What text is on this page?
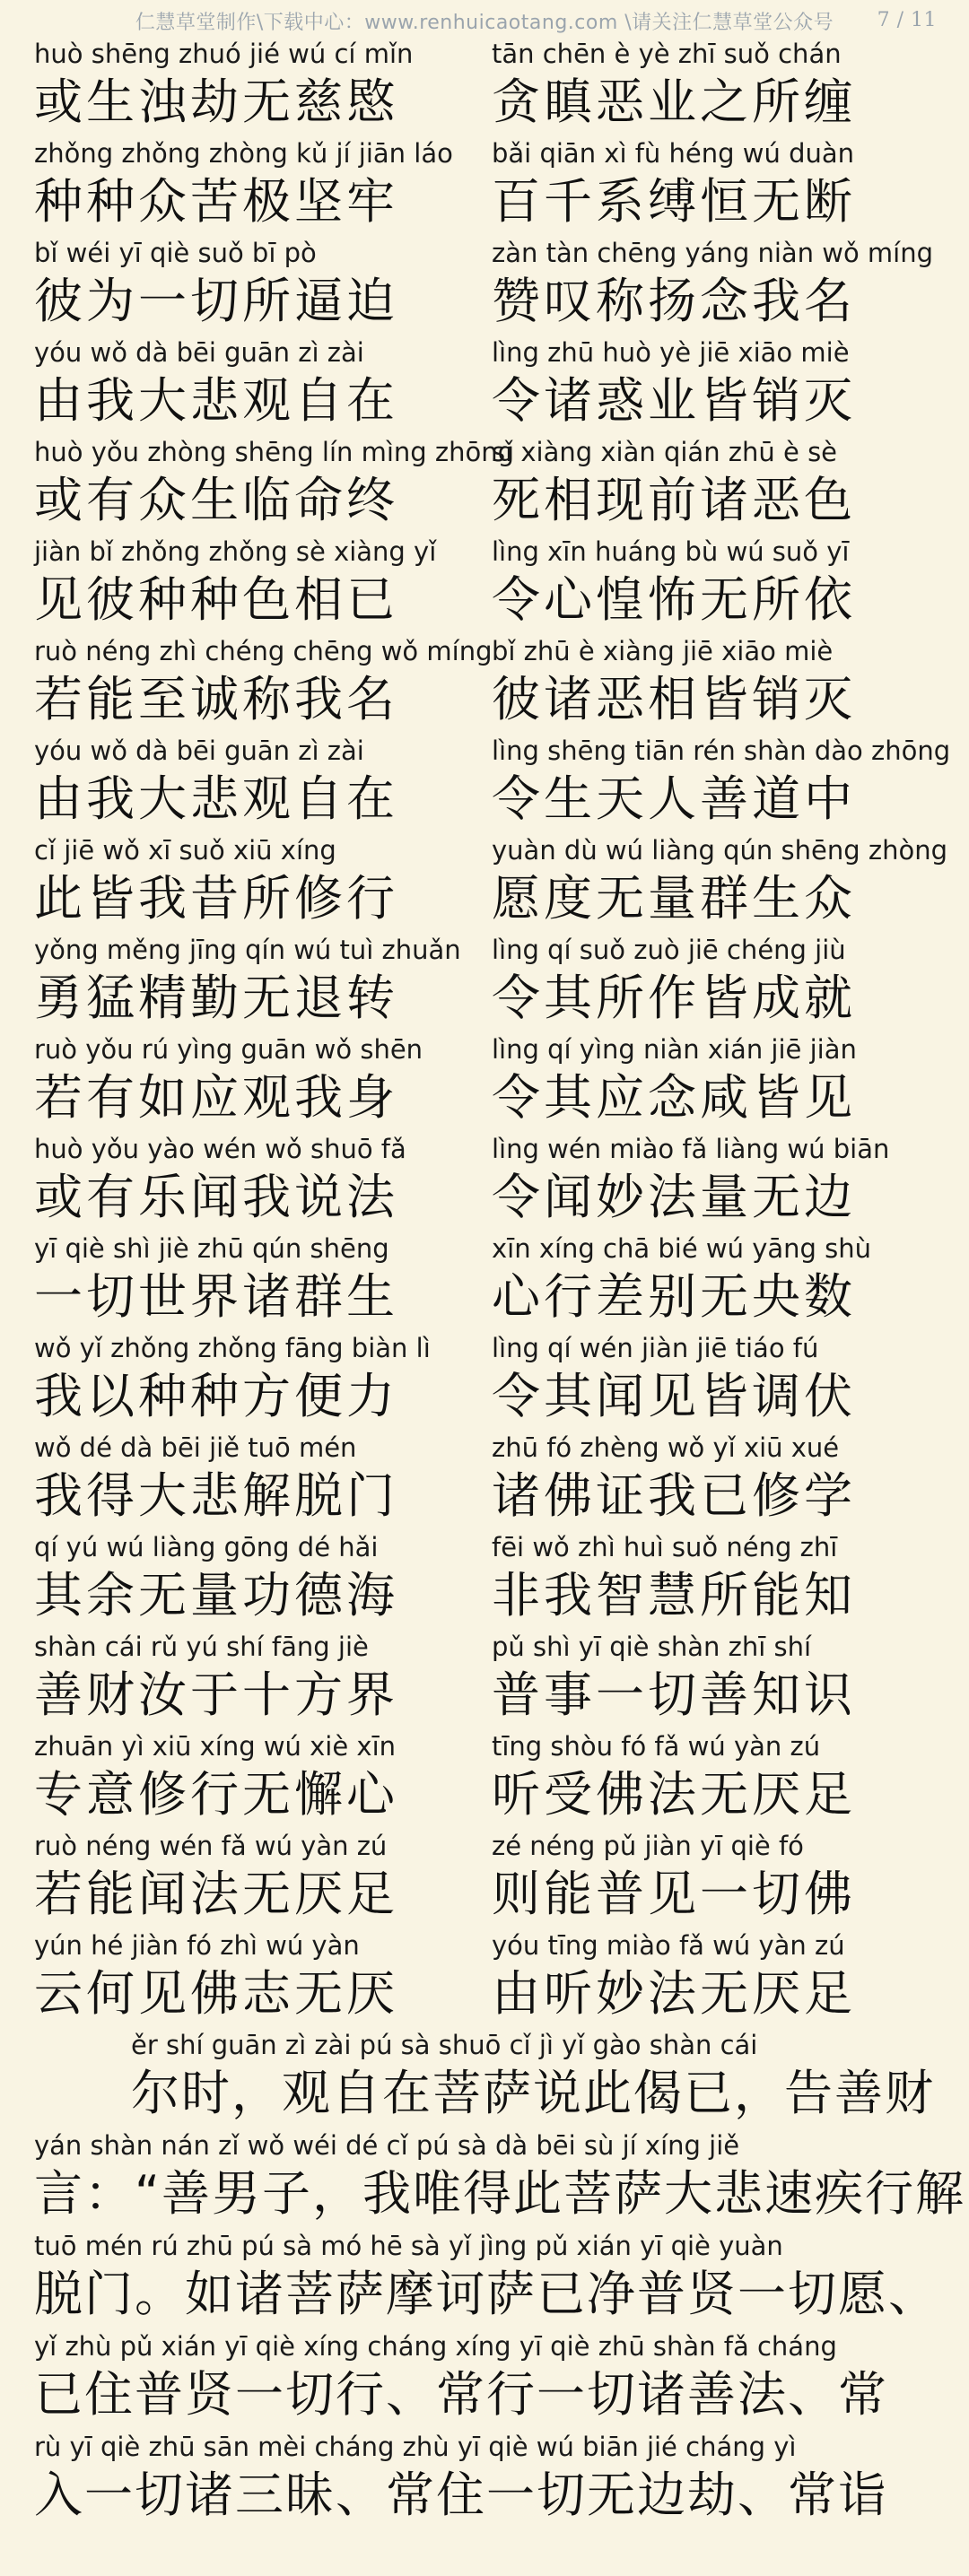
仁慧草堂制作\下载中心：www.renhuicaotang.com \请关注仁慧草堂公众号 7 / 11
huò shēng zhuó jié wú cí mǐn
或生浊劫无慈愍
tān chēn è yè zhī suǒ chán
贪瞋恶业之所缠
zhǒng zhǒng zhòng kǔ jí jiān láo
种种众苦极坚牢
bǎi qiān xì fù héng wú duàn
百千系缚恒无断
bǐ wéi yī qiè suǒ bī pò
彼为一切所逼迫
zàn tàn chēng yáng niàn wǒ míng
赞叹称扬念我名
yóu wǒ dà bēi guān zì zài
由我大悲观自在
lìng zhū huò yè jiē xiāo miè
令诸惑业皆销灭
huò yǒu zhòng shēng lín mìng zhōng
或有众生临命终
sǐ xiàng xiàn qián zhū è sè
死相现前诸恶色
jiàn bǐ zhǒng zhǒng sè xiàng yǐ
见彼种种色相已
lìng xīn huáng bù wú suǒ yī
令心惶怖无所依
ruò néng zhì chéng chēng wǒ míng
若能至诚称我名
bǐ zhū è xiàng jiē xiāo miè
彼诸恶相皆销灭
yóu wǒ dà bēi guān zì zài
由我大悲观自在
lìng shēng tiān rén shàn dào zhōng
令生天人善道中
cǐ jiē wǒ xī suǒ xiū xíng
此皆我昔所修行
yuàn dù wú liàng qún shēng zhòng
愿度无量群生众
yǒng měng jīng qín wú tuì zhuǎn
勇猛精勤无退转
lìng qí suǒ zuò jiē chéng jiù
令其所作皆成就
ruò yǒu rú yìng guān wǒ shēn
若有如应观我身
lìng qí yìng niàn xián jiē jiàn
令其应念咸皆见
huò yǒu yào wén wǒ shuō fǎ
或有乐闻我说法
lìng wén miào fǎ liàng wú biān
令闻妙法量无边
yī qiè shì jiè zhū qún shēng
一切世界诸群生
xīn xíng chā bié wú yāng shù
心行差别无央数
wǒ yǐ zhǒng zhǒng fāng biàn lì
我以种种方便力
lìng qí wén jiàn jiē tiáo fú
令其闻见皆调伏
wǒ dé dà bēi jiě tuō mén
我得大悲解脱门
zhū fó zhèng wǒ yǐ xiū xué
诸佛证我已修学
qí yú wú liàng gōng dé hǎi
其余无量功德海
fēi wǒ zhì huì suǒ néng zhī
非我智慧所能知
shàn cái rǔ yú shí fāng jiè
善财汝于十方界
pǔ shì yī qiè shàn zhī shí
普事一切善知识
zhuān yì xiū xíng wú xiè xīn
专意修行无懈心
tīng shòu fó fǎ wú yàn zú
听受佛法无厌足
ruò néng wén fǎ wú yàn zú
若能闻法无厌足
zé néng pǔ jiàn yī qiè fó
则能普见一切佛
yún hé jiàn fó zhì wú yàn
云何见佛志无厌
yóu tīng miào fǎ wú yàn zú
由听妙法无厌足
ěr shí guān zì zài pú sà shuō cǐ jì yǐ gào shàn cái
尔时，观自在菩萨说此偈已，告善财
yán shàn nán zǐ wǒ wéi dé cǐ pú sà dà bēi sù jí xíng jiě
言：“善男子，我唯得此菩萨大悲速疾行解
tuō mén rú zhū pú sà mó hē sà yǐ jìng pǔ xián yī qiè yuàn
脱门。如诸菩萨摩诃萨已净普贤一切愿、
yǐ zhù pǔ xián yī qiè xíng cháng xíng yī qiè zhū shàn fǎ cháng
已住普贤一切行、常行一切诸善法、常
rù yī qiè zhū sān mèi cháng zhù yī qiè wú biān jié cháng yì
入一切诸三昧、常住一切无边劫、常诣
